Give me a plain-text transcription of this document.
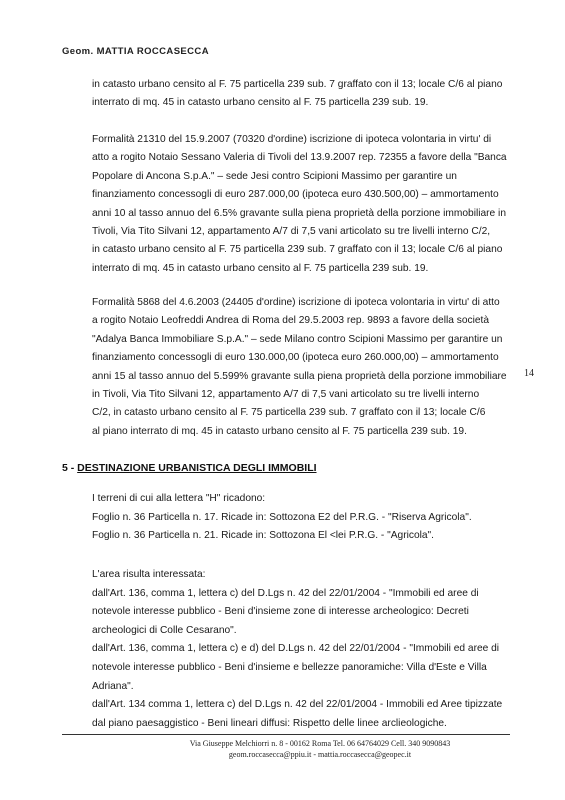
Geom. MATTIA ROCCASECCA
in catasto urbano censito al F. 75 particella 239 sub. 7 graffato con il 13; locale C/6 al piano
interrato di mq. 45 in catasto urbano censito al F. 75 particella 239 sub. 19.
Formalità 21310 del 15.9.2007 (70320 d'ordine) iscrizione di ipoteca volontaria in virtu' di
atto a rogito Notaio Sessano Valeria di Tivoli del 13.9.2007 rep. 72355 a favore della "Banca
Popolare di Ancona S.p.A." – sede Jesi contro Scipioni Massimo per garantire un
finanziamento concessogli di euro 287.000,00 (ipoteca euro 430.500,00) – ammortamento
anni 10 al tasso annuo del 6.5% gravante sulla piena proprietà della porzione immobiliare in
Tivoli, Via Tito Silvani 12, appartamento A/7 di 7,5 vani articolato su tre livelli interno C/2,
in catasto urbano censito al F. 75 particella 239 sub. 7 graffato con il 13; locale C/6 al piano
interrato di mq. 45 in catasto urbano censito al F. 75 particella 239 sub. 19.
Formalità 5868 del 4.6.2003 (24405 d'ordine) iscrizione di ipoteca volontaria in virtu' di atto
a rogito Notaio Leofreddi Andrea di Roma del 29.5.2003 rep. 9893 a favore della società
"Adalya Banca Immobiliare S.p.A." – sede Milano contro Scipioni Massimo per garantire un
finanziamento concessogli di euro 130.000,00 (ipoteca euro 260.000,00) – ammortamento
anni 15 al tasso annuo del 5.599% gravante sulla piena proprietà della porzione immobiliare
in Tivoli, Via Tito Silvani 12, appartamento A/7 di 7,5 vani articolato su tre livelli interno
C/2, in catasto urbano censito al F. 75 particella 239 sub. 7 graffato con il 13; locale C/6
al piano interrato di mq. 45 in catasto urbano censito al F. 75 particella 239 sub. 19.
14
5 - DESTINAZIONE URBANISTICA DEGLI IMMOBILI
I terreni di cui alla lettera "H" ricadono:
Foglio n. 36 Particella n. 17. Ricade in: Sottozona E2 del P.R.G. - "Riserva Agricola".
Foglio n. 36 Particella n. 21. Ricade in: Sottozona El <lei P.R.G. - "Agricola".
L'area risulta interessata:
dall'Art. 136, comma 1, lettera c) del D.Lgs n. 42 del 22/01/2004 - "Immobili ed aree di
notevole interesse pubblico - Beni d'insieme zone di interesse archeologico: Decreti
archeologici di Colle Cesarano".
dall'Art. 136, comma 1, lettera c) e d) del D.Lgs n. 42 del 22/01/2004 - "Immobili ed aree di
notevole interesse pubblico - Beni d'insieme e bellezze panoramiche: Villa d'Este e Villa
Adriana".
dall'Art. 134 comma 1, lettera c) del D.Lgs n. 42 del 22/01/2004 - Immobili ed Aree tipizzate
dal piano paesaggistico - Beni lineari diffusi: Rispetto delle linee arclieologiche.
Via Giuseppe Melchiorri n. 8 - 00162 Roma Tel. 06 64764029 Cell. 340 9090843
geom.roccasecca@ppiu.it - mattia.roccasecca@geopec.it
